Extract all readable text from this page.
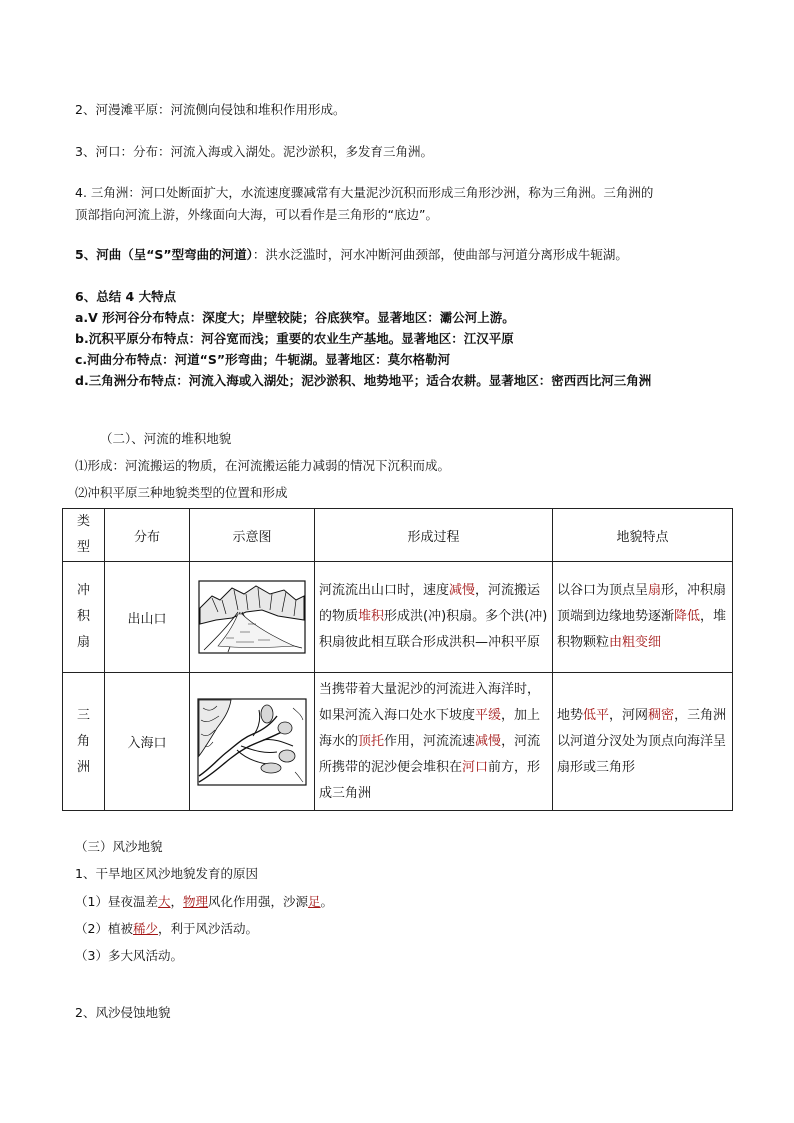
2、河漫滩平原：河流侧向侵蚀和堆积作用形成。
3、河口：分布：河流入海或入湖处。泥沙淤积，多发育三角洲。
4. 三角洲：河口处断面扩大，水流速度骤减常有大量泥沙沉积而形成三角形沙洲，称为三角洲。三角洲的
顶部指向河流上游，外缘面向大海，可以看作是三角形的“底边”。
5、河曲（呈“S”型弯曲的河道）：洪水泛滥时，河水冲断河曲颈部，使曲部与河道分离形成牛轭湖。
6、总结 4 大特点
a.V 形河谷分布特点：深度大；岸壁较陡；谷底狭窄。显著地区：灞公河上游。
b.沉积平原分布特点：河谷宽而浅；重要的农业生产基地。显著地区：江汉平原
c.河曲分布特点：河道“S”形弯曲；牛轭湖。显著地区：莫尔格勒河
d.三角洲分布特点：河流入海或入湖处；泥沙淤积、地势地平；适合农耕。显著地区：密西西比河三角洲
（二）、河流的堆积地貌
⑴形成：河流搬运的物质，在河流搬运能力减弱的情况下沉积而成。
⑵冲积平原三种地貌类型的位置和形成
类型	分布	示意图	形成过程	地貌特点
冲积扇	出山口		河流流出山口时，速度减慢，河流搬运的物质堆积形成洪(冲)积扇。多个洪(冲)积扇彼此相互联合形成洪积—冲积平原	以谷口为顶点呈扇形，冲积扇顶端到边缘地势逐渐降低，堆积物颗粒由粗变细
三角洲	入海口		当携带着大量泥沙的河流进入海洋时，如果河流入海口处水下坡度平缓，加上海水的顶托作用，河流流速减慢，河流所携带的泥沙便会堆积在河口前方，形成三角洲	地势低平，河网稠密，三角洲以河道分汊处为顶点向海洋呈扇形或三角形
（三）风沙地貌
1、干旱地区风沙地貌发育的原因
（1）昼夜温差大，物理风化作用强，沙源足。
（2）植被稀少，利于风沙活动。
（3）多大风活动。
2、风沙侵蚀地貌
